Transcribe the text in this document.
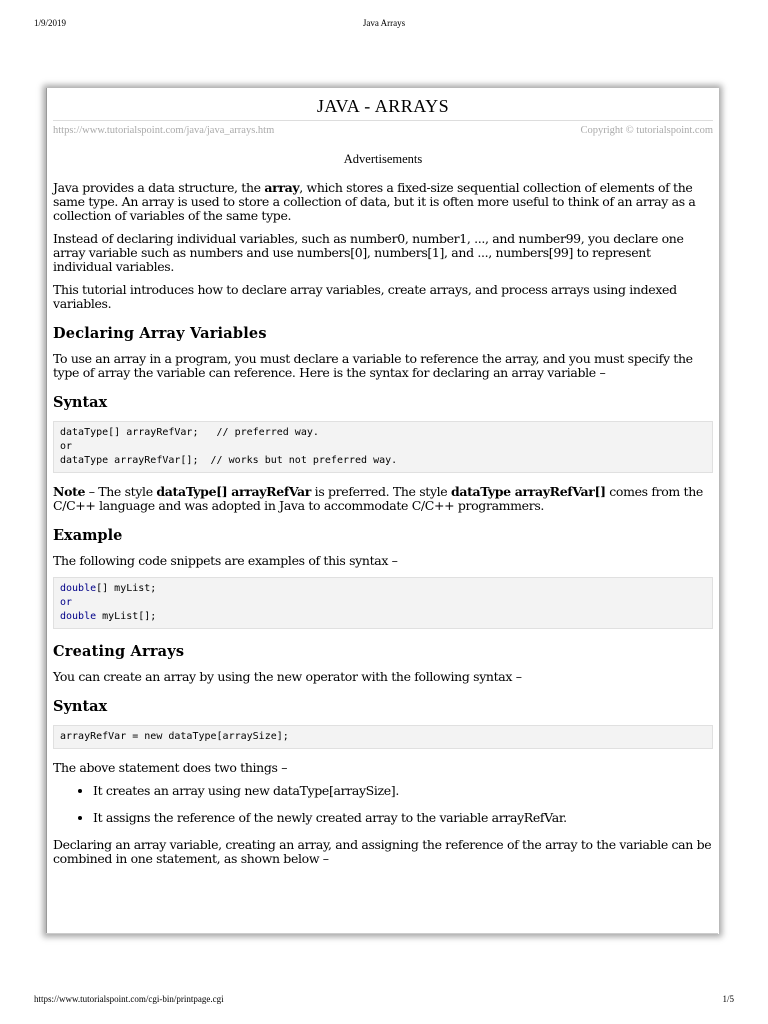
1/9/2019	Java Arrays
JAVA - ARRAYS
https://www.tutorialspoint.com/java/java_arrays.htm	Copyright © tutorialspoint.com
Advertisements

Java provides a data structure, the array, which stores a fixed-size sequential collection of elements of the same type. An array is used to store a collection of data, but it is often more useful to think of an array as a collection of variables of the same type.

Instead of declaring individual variables, such as number0, number1, ..., and number99, you declare one array variable such as numbers and use numbers[0], numbers[1], and ..., numbers[99] to represent individual variables.

This tutorial introduces how to declare array variables, create arrays, and process arrays using indexed variables.

Declaring Array Variables

To use an array in a program, you must declare a variable to reference the array, and you must specify the type of array the variable can reference. Here is the syntax for declaring an array variable –

Syntax
dataType[] arrayRefVar;   // preferred way.
or
dataType arrayRefVar[];  // works but not preferred way.

Note – The style dataType[] arrayRefVar is preferred. The style dataType arrayRefVar[] comes from the C/C++ language and was adopted in Java to accommodate C/C++ programmers.

Example

The following code snippets are examples of this syntax –

double[] myList;
or
double myList[];
Creating Arrays

You can create an array by using the new operator with the following syntax –

Syntax
arrayRefVar = new dataType[arraySize];

The above statement does two things –

• It creates an array using new dataType[arraySize].
• It assigns the reference of the newly created array to the variable arrayRefVar.

Declaring an array variable, creating an array, and assigning the reference of the array to the variable can be combined in one statement, as shown below –

https://www.tutorialspoint.com/cgi-bin/printpage.cgi	1/5
